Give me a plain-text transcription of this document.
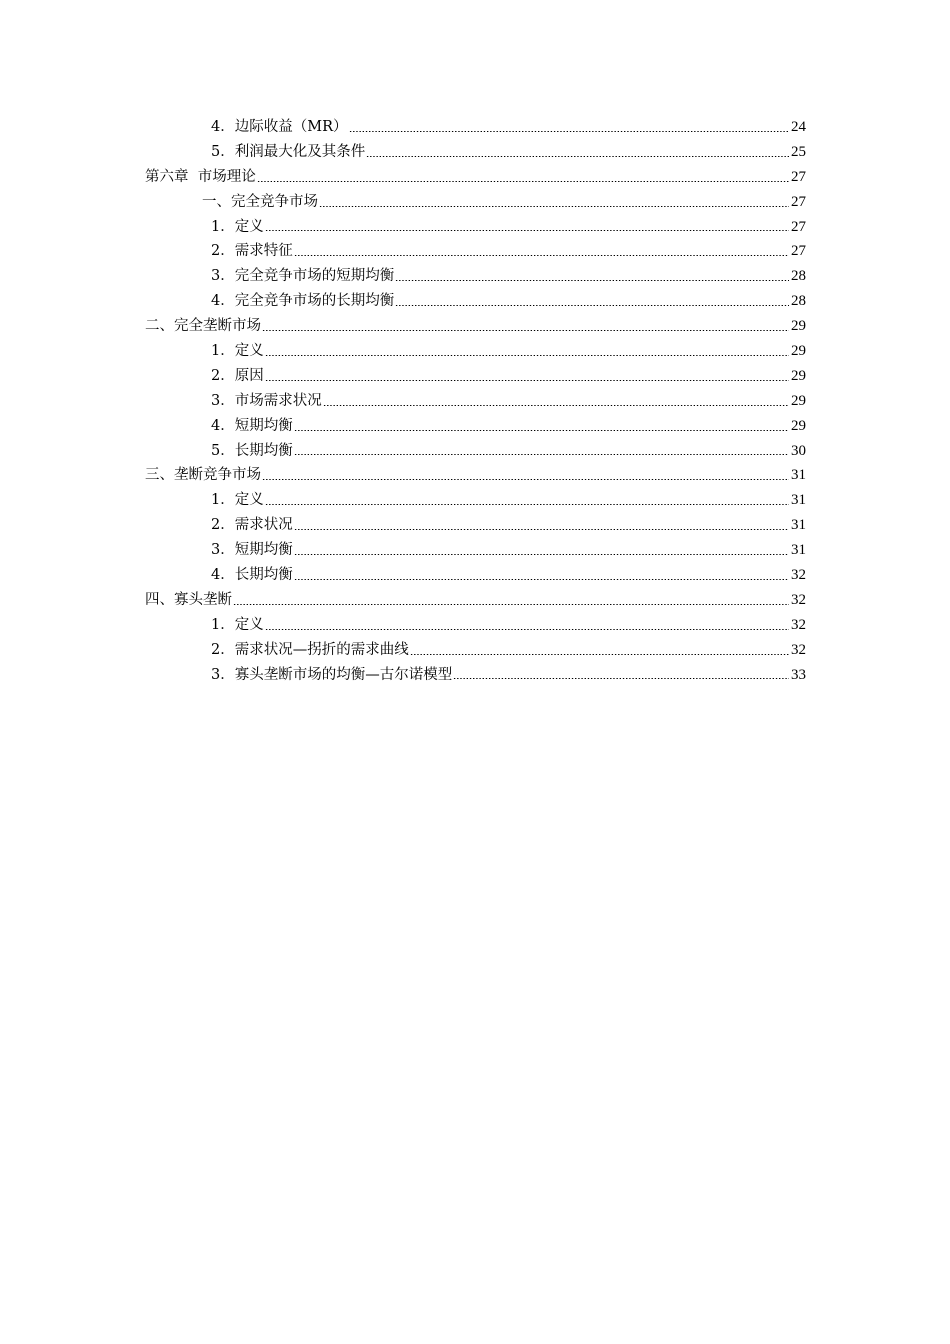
4．边际收益（MR）	24
5．利润最大化及其条件	25
第六章  市场理论	27
一、完全竞争市场	27
1．定义	27
2．需求特征	27
3．完全竞争市场的短期均衡	28
4．完全竞争市场的长期均衡	28
二、完全垄断市场	29
1．定义	29
2．原因	29
3．市场需求状况	29
4．短期均衡	29
5．长期均衡	30
三、垄断竞争市场	31
1．定义	31
2．需求状况	31
3．短期均衡	31
4．长期均衡	32
四、寡头垄断	32
1．定义	32
2．需求状况—拐折的需求曲线	32
3．寡头垄断市场的均衡—古尔诺模型	33
